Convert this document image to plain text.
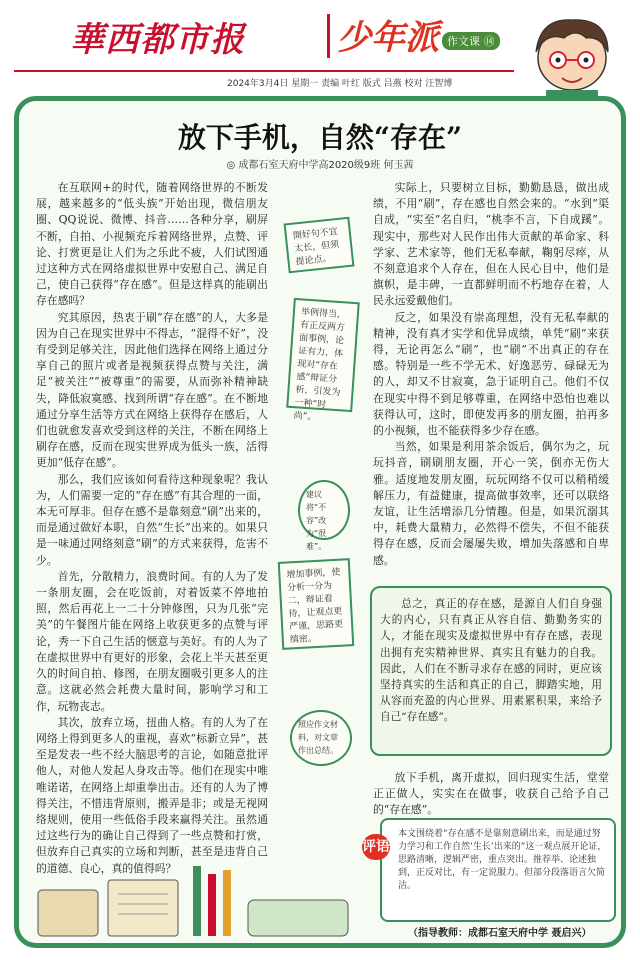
華西都市报	少年派 作文课 ⑭
2024年3月4日 星期一 责编 叶红 版式 吕燕 校对 汪智博
放下手机，自然“存在”
◎ 成都石室天府中学高2020级9班 何玉茜

在互联网+的时代，随着网络世界的不断发展，越来越多的“低头族”开始出现，微信朋友圈、QQ说说、微博、抖音……各种分享，刷屏不断，自拍、小视频充斥着网络世界，点赞、评论、打赏更是让人们为之乐此不疲，人们试图通过这种方式在网络虚拟世界中安慰自己、满足自己，使自己获得“存在感”。但是这样真的能刷出存在感吗？

究其原因，热衷于刷“存在感”的人，大多是因为自己在现实世界中不得志，“混得不好”，没有受到足够关注，因此他们选择在网络上通过分享自己的照片或者是视频获得点赞与关注，满足“被关注”“被尊重”的需要，从而弥补精神缺失，降低寂寞感、找到所谓“存在感”。在不断地通过分享生活等方式在网络上获得存在感后，人们也就愈发喜欢受到这样的关注，不断在网络上刷存在感，反而在现实世界成为低头一族，活得更加“低存在感”。

那么，我们应该如何看待这种现象呢？我认为，人们需要一定的“存在感”有其合理的一面，本无可厚非。但存在感不是靠刻意“刷”出来的，而是通过做好本职，自然“生长”出来的。如果只是一味通过网络刻意“刷”的方式来获得，危害不少。

首先，分散精力，浪费时间。有的人为了发一条朋友圈，会在吃饭前，对着饭菜不停地拍照，然后再花上一二十分钟修图，只为几张“完美”的午餐图片能在网络上收获更多的点赞与评论，秀一下自己生活的惬意与美好。有的人为了在虚拟世界中有更好的形象，会花上半天甚至更久的时间自拍、修图，在朋友圈吸引更多人的注意。这就必然会耗费大量时间，影响学习和工作，玩物丧志。

其次，放弃立场，扭曲人格。有的人为了在网络上得到更多人的重视，喜欢“标新立异”，甚至是发表一些不经大脑思考的言论，如随意批评他人，对他人发起人身攻击等。他们在现实中唯唯诺诺，在网络上却重拳出击。还有的人为了博得关注，不惜违背原则，搬弄是非；或是无视网络规则，使用一些低俗手段来赢得关注。虽然通过这些行为的确让自己得到了一些点赞和打赏，但放弃自己真实的立场和判断，甚至是违背自己的道德、良心，真的值得吗？

開好句不宜太长，但须提论点。
举例得当，有正反两方面事例，论证有力，体现对“存在感”辩证分析，引发为一种“时尚”。
建议将“不容”改为“很难”。
增加事例，使分析一分为二，辩证看待，让观点更严谨，思路更缜密。
照应作文材料，对文章作出总结。

实际上，只要树立目标，勤勤恳恳，做出成绩，不用“刷”，存在感也自然会来的。“水到”渠自成，“实至”名自归，“桃李不言，下自成蹊”。现实中，那些对人民作出伟大贡献的革命家、科学家、艺术家等，他们无私奉献，鞠躬尽瘁，从不刻意追求个人存在，但在人民心目中，他们是旗帜，是丰碑，一直都鲜明而不朽地存在着，人民永远爱戴他们。

反之，如果没有崇高理想，没有无私奉献的精神，没有真才实学和优异成绩，单凭“刷”来获得，无论再怎么“刷”，也“刷”不出真正的存在感。特别是一些不学无术、好逸恶劳、碌碌无为的人，却又不甘寂寞，急于证明自己。他们不仅在现实中得不到足够尊重，在网络中恐怕也难以获得认可，这时，即使发再多的朋友圈，拍再多的小视频，也不能获得多少存在感。

当然，如果是利用茶余饭后，偶尔为之，玩玩抖音，刷刷朋友圈，开心一笑，倒亦无伤大雅。适度地发朋友圈，玩玩网络不仅可以稍稍缓解压力，有益健康，提高做事效率，还可以联络友谊，让生活增添几分情趣。但是，如果沉溺其中，耗费大量精力，必然得不偿失，不但不能获得存在感，反而会屡屡失败，增加失落感和自卑感。

总之，真正的存在感，是源自人们自身强大的内心，只有真正从容自信、勤勤务实的人，才能在现实及虚拟世界中有存在感，表现出拥有充实精神世界、真实且有魅力的自我。因此，人们在不断寻求存在感的同时，更应该坚持真实的生活和真正的自己，脚踏实地，用从容而充盈的内心世界、用素累积果，来给予自己“存在感”。

放下手机，离开虚拟，回归现实生活，堂堂正正做人，实实在在做事，收获自己给予自己的“存在感”。

评语
本文围绕着“存在感不是靠刻意刷出来，而是通过努力学习和工作自然‘生长’出来的”这一观点展开论证，思路清晰，逻辑严密，重点突出。推荐举、论述独到，正反对比，有一定说服力。但部分段落语言欠简洁。
（指导教师：成都石室天府中学 聂启兴）
